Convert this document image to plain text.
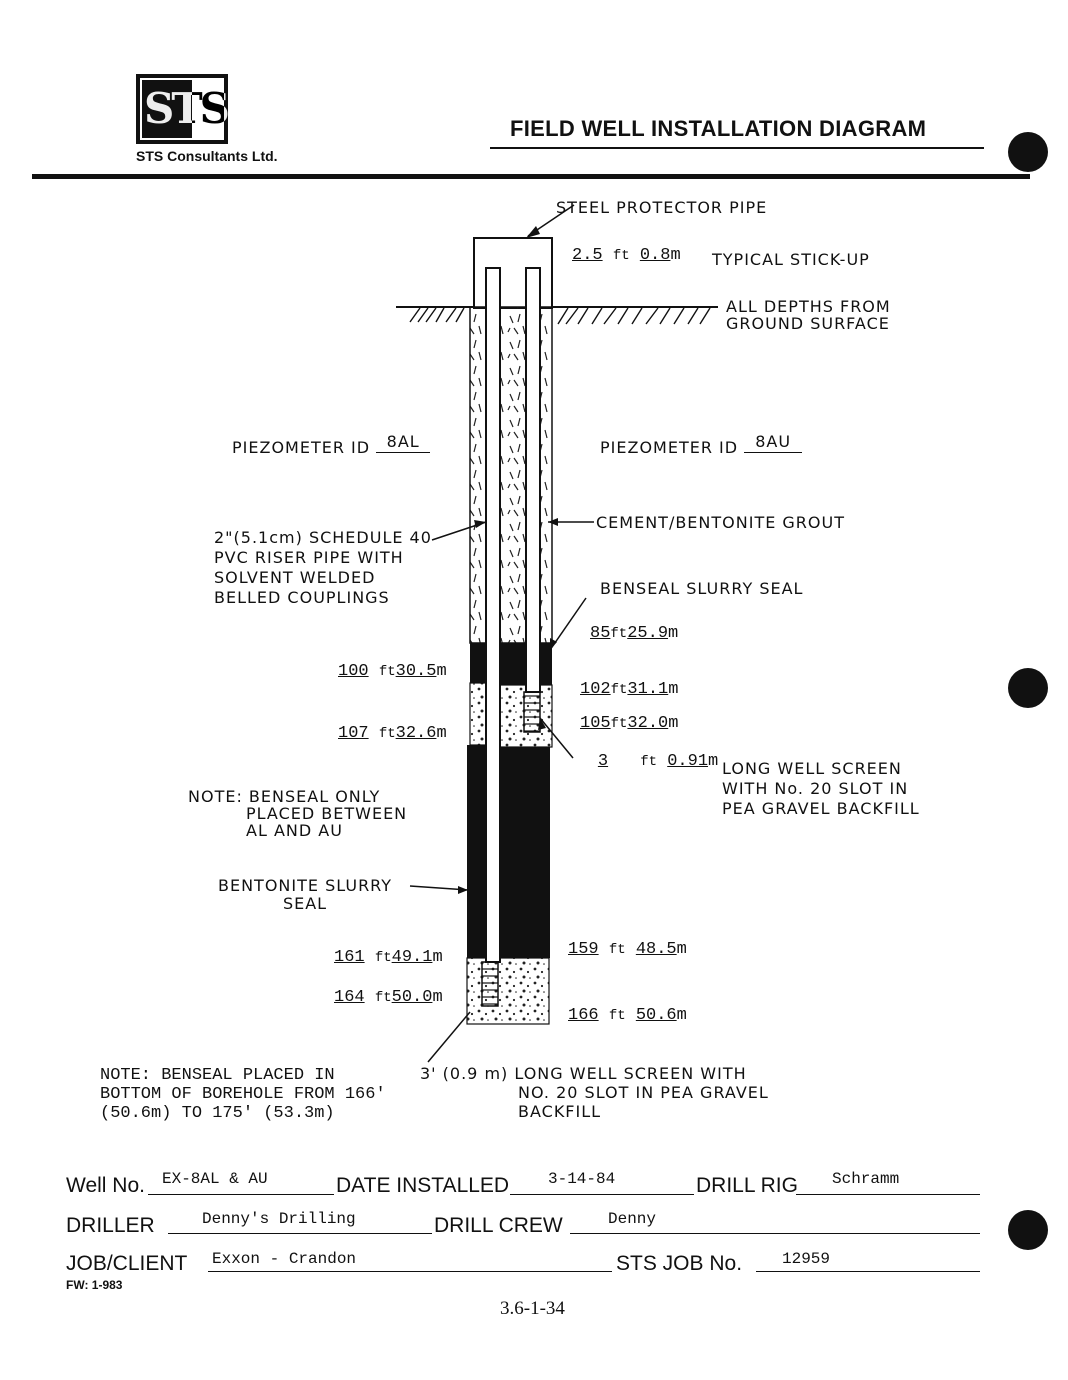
STS
STS Consultants Ltd.
FIELD WELL INSTALLATION DIAGRAM
STEEL PROTECTOR PIPE
2.5 ft 0.8m TYPICAL STICK-UP
ALL DEPTHS FROM
GROUND SURFACE
PIEZOMETER ID 8AL	PIEZOMETER ID 8AU
2"(5.1cm) SCHEDULE 40
PVC RISER PIPE WITH
SOLVENT WELDED
BELLED COUPLINGS
CEMENT/BENTONITE GROUT
BENSEAL SLURRY SEAL
85ft25.9m
102ft31.1m
105ft32.0m
3 ft 0.91m LONG WELL SCREEN
WITH No. 20 SLOT IN
PEA GRAVEL BACKFILL
159 ft 48.5m
166 ft 50.6m
100 ft30.5m
107 ft32.6m
161 ft49.1m
164 ft50.0m
NOTE: BENSEAL ONLY
PLACED BETWEEN
AL AND AU
BENTONITE SLURRY
SEAL
3' (0.9 m) LONG WELL SCREEN WITH
NO. 20 SLOT IN PEA GRAVEL
BACKFILL
NOTE: BENSEAL PLACED IN
BOTTOM OF BOREHOLE FROM 166'
(50.6m) TO 175' (53.3m)
Well No. EX-8AL & AU	DATE INSTALLED 3-14-84	DRILL RIG Schramm
DRILLER	Denny's Drilling	DRILL CREW	Denny
JOB/CLIENT Exxon - Crandon	STS JOB No. 12959
FW: 1-983
3.6-1-34
